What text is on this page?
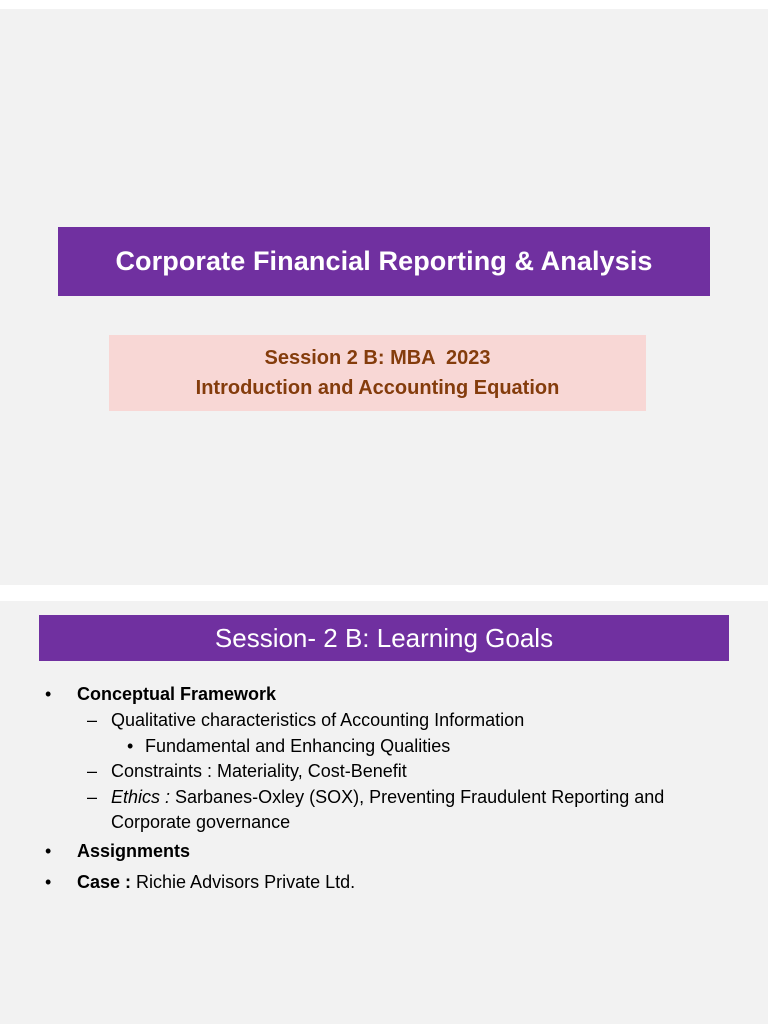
Corporate Financial Reporting & Analysis
Session 2 B: MBA  2023
Introduction and Accounting Equation
Session- 2 B: Learning Goals
• Conceptual Framework
– Qualitative characteristics of Accounting Information
• Fundamental and Enhancing Qualities
– Constraints : Materiality, Cost-Benefit
– Ethics : Sarbanes-Oxley (SOX), Preventing Fraudulent Reporting and
Corporate governance
• Assignments
• Case : Richie Advisors Private Ltd.
